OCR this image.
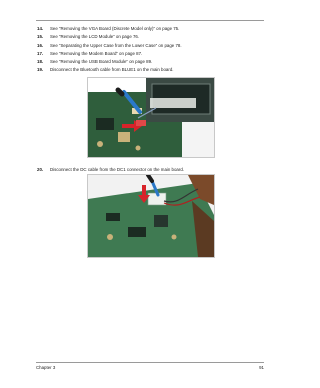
14.	See “Removing the VGA Board (Discrete Model only)” on page 75.
15.	See “Removing the LCD Module” on page 76.
16.	See “Separating the Upper Case from the Lower Case” on page 78.
17.	See “Removing the Modem Board” on page 87.
18.	See “Removing the USB Board Module” on page 89.
19.	Disconnect the Bluetooth cable from BLUE1 on the main board.
20.	Disconnect the DC cable from the DC1 connector on the main board.
Chapter 3	91
